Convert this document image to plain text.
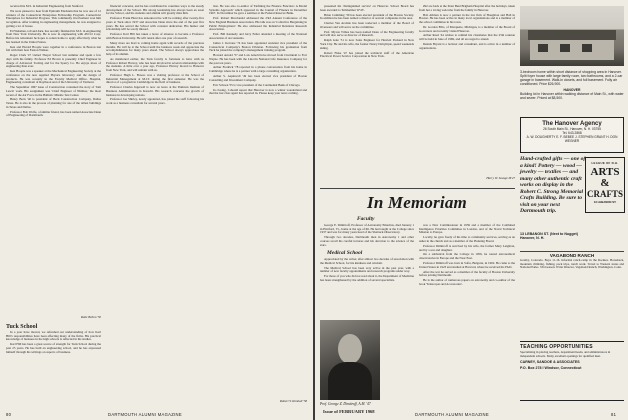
received his M.S. in Industrial Engineering from Stanford.

We were pleased to hear from Ephraim Edelstein that he was one of 12 winners of the Connecticut Enterprises Fellowship Program. Connecticut Enterprises for Industrial Progress. This community involvement won him recognition. After training in engineering management, he was assigned to getting a lot of house.

Ed Weisman, tall and dark, has recently finished his M.S. in engineering from New York University. He is now in engineering with AVCO Corp. Before his retirement he hopes to return home to apply effectively what he has learned in the United States.

Ken and Harold Hoople were together in a conference in Boston last fall with their host Easton Walker.

Roger Clark '47 visited Thayer School last summer and spent a few days with his family. Professor Ed Brown is presently Chief Engineer in charge of Advanced Tooling and for the Sperry Co. He enjoys more of engineering than ever.

Ken Hoople was a speaker at the Mechanical Engineering Society at the conference on the new Applied Physics laboratory and the design of products. He was recently in the Faculty Medical Office. Hospital, Engineering consultant of Raytheon and of the University of Vermont.

The September 1967 issue of Construction contained the story of Tom Lewis' work. His assignment was 'Chief Engineer of Nimbus,' the most recent of the Air Force in the Ballistic Missile Test Center.

Henry Beck '46 is president of Beck Construction Company, Dallas Texas. He is also in the process of planning for one of the tallest buildings in Texas and Dallas.

Professor Bob Wolfe, a familiar friend, has been named Associate Dean of Engineering of Dartmouth.

Rube Belton '50
Tuck School

In a year have moved, we refreshed our understanding of how Karl Hill's responsibilities have been affecting many of the firms. His practical knowledge of business in the high schools is reflected in his studies.

Karl Hill has been a great source of strength for Tuck School during the past 25 years. He has built an engineering school, and he has expressed himself through his writings on aspects of business.

financial concerns, and he has contributed in countless ways to the steady development of the School. His strong leadership has always been an asset for the School, and his students and alumni will greatly miss him.

Professor Frank Hunt has announced he will be retiring after twenty-five years at Tuck since 1937 and Associate Dean since the end of the past five years. He has served the School with constant dedication. His humor and scholarship will be sorely missed.

Professor Karl Hill has taken a leave of absence to become a Professor with Boston University. He will return after one year of research.

Many more are Karl is coming home again with records of the previous months. He will be at the School until the business week and appreciate the accomplishments for many years ahead. The School always appreciates the help of its alumni.

As mentioned earlier, the Tuck faculty is fortunate to have with us Professor Robert Harvey, who has been involved in several relationships with the students. A little over a year ago, Professor Harvey moved to Hanover from New York, and will remain with us.

Professor Hugh L. Bowes was a visiting professor at the School of Industrial Management at M.I.T. during the first semester. He was the director of a program in Cambridge in the field of business.

Professor Charles Ingersoll is now on leave at the Pakistan Institute of Business Administration in Karachi. His research concerns the growth of business in developing nations.

Professor Joe Shirley, newly appointed, has joined the staff following his work as a business consultant for several years.

tion. He was also co-author of 'Defining the Finance Function: A Model Systems Approach' which appeared in the Journal of Finance in December 1967. In November he gave a seminar at the Federal Reserve Bank.

Prof. Robert Macdonald addressed the 23rd Annual Conference of the New England Business Association. His talk was on 'Collective Bargaining in Public Employment.' He also addressed the Industrial Relations Research Association.

Prof. Bill Kennedy and Jerry Feiler attended a meeting of the National Association of Accountants.

James J. Ketrone '74 has been appointed assistant vice president of the Connecticut Company's Boston Division. Following his graduation from Tuck he joined the company's management training program.

Howard Arnold '57 and Lois Arnold have moved from Cincinnati to Fort Wayne. He has been with the Lincoln National Life Insurance Company for the past ten years.

Arthur Fredrick '78 reported in a phone conversation from his home in Cambridge where he is a partner with a large consulting organization.

Arthur S. Aspinwall '49 has been elected vice president of Boston Consulting and Investment Company.

Eric Schoen '55 is vice president of the Continental Bank of Chicago.

In closing, I should repeat that Hanover is now a winter wonderland and that the last class agent has reported in. Please keep your news coming.

Robert Y. Kimball '58
80	DARTMOUTH ALUMNI MAGAZINE

presented his 'distinguished service' on Hanover. School Board has been awarded to 'Kilsheimer W'43'.

Brian Cumming '39 has been elected president of the Boston Society. In addition he has been named a director of several companies in the area.

Charles Van Arsdale has been reelected a member of the Board of Overseers and will serve on the committee.

Prof. Myron Tribus has been named Dean of the Engineering faculty and will also serve as director of Research.

Ralph Gale '51 is now Sales Engineer for Hewlett Packard in New York City. He and his wife, the former Nancy Dalrymple, spend weekends skiing.

Robert Fiske '47 has joined the technical staff of the American Electrical Power Service Corporation in New York.

#92 are back at the Peter Bent Brigham Hospital after the holidays, taken from her a loving welcome from the family in Hanover.

Bob Allman is now a partner in the law firm of Houghton and Hall in Boston. He has been active in many local organizations and is a member of the school committee in his town.

Dr. Gordon Ellis, of Marquette, Michigan, is a member of the Board of Governors and recently visited Hanover.

Arthur Reed '44 wishes to remind his classmates that the 25th reunion will be held in June of 1969, and all are urged to attend.

Dennis Bryant is a lecturer and consultant, and is active in a number of organizations.

Harry W. Savage M'27
In Memoriam
Faculty

George E. Dimitroff, Professor of Astronomy Emeritus, died January 1 in Hartford, Vt., home at the age of 66. He had taught at the College since 1937 and was for many years head of the Shattuck Observatory.

Through two decades, Dartmouth men in Astronomy 1 and other courses recall his careful lectures and his devotion to the science of the stars.

Medical School

Appreciated by the writer, after almost two decades of association with the Medical School, for his kindness and wisdom.

The Medical School has been very active in the past year, with a number of new faculty appointments and research programs under way.

For those of you who did not read about it, the Department of Medicine has been strengthened by the addition of several specialists.

Prof. George Z. Dimitroff, A.M. '47
Issue of FEBRUARY 1968

was a New Commissioner in 1959 and a member of the Combined Intelligence Priorities Committee in London, and of the Naval Technical Mission to Europe.

Locally, he gave freely of his time to community services, serving as an usher in the church and as a member of the Planning Board.

Professor Dimitroff is survived by his wife, the former Mary Leighton, and by a son and daughter.

On a sabbatical from the College in 1956, he toured astronomical observatories in Europe and the Near East.

Professor Dimitroff was born in Sofia, Bulgaria, in 1902. He came to the United States in 1923 and studied at Harvard, where he received his Ph.D.

After the war he served as a member of the faculty of Boston University before joining Dartmouth.

He is the author of numerous papers on astronomy and co-author of the book 'Telescopes and Accessories'.

3-bedroom home within short distance of shopping area in Hanover. Split foyer house with large family room, two bathrooms, and a 2-car garage in basement. Walk-in closets, and full basement. Fully air conditioned. Price $26,900.
HANOVER
Building lot in Hanover within walking distance of Main St., with water and sewer. Priced at $8,500.
The Hanover Agency
26 South Main St., Hanover, N. H. 03755
Tel. 643-2868
A. W. DOUGHERTY E. F. BEBEE J. STEPHEN GRANT H. DON WEGNER
Hand-crafted gifts — one of a kind! Pottery — wood — jewelry — textiles — and many other authentic craft works on display in the Robert C. Strong Memorial Crafts Building. Be sure to visit on your next Dartmouth trip.
LEAGUE OF N.H.
ARTS &
CRAFTS
13 LEBANON ST.
13 LEBANON ST. (Next to Nugget) Hanover, N. H.
VAGABOND RANCH
Granby, Colorado. Boys 11-16. Informal ranch-camp in the Rockies. Horseback, mountain climbing, fishing, pack trips, ranch work. Travel to Western states and National Parks. 33rd season. Write Director, Vagabond Ranch, Washington, Conn.
TEACHING OPPORTUNITIES
Specializing in placing teachers, department heads, and administrators in independent schools. Many excellent openings for qualified men.
CARNEY, SANDOE & ASSOCIATES
P.O. Box 278 I Windsor, Connecticut
DARTMOUTH ALUMNI MAGAZINE	81
